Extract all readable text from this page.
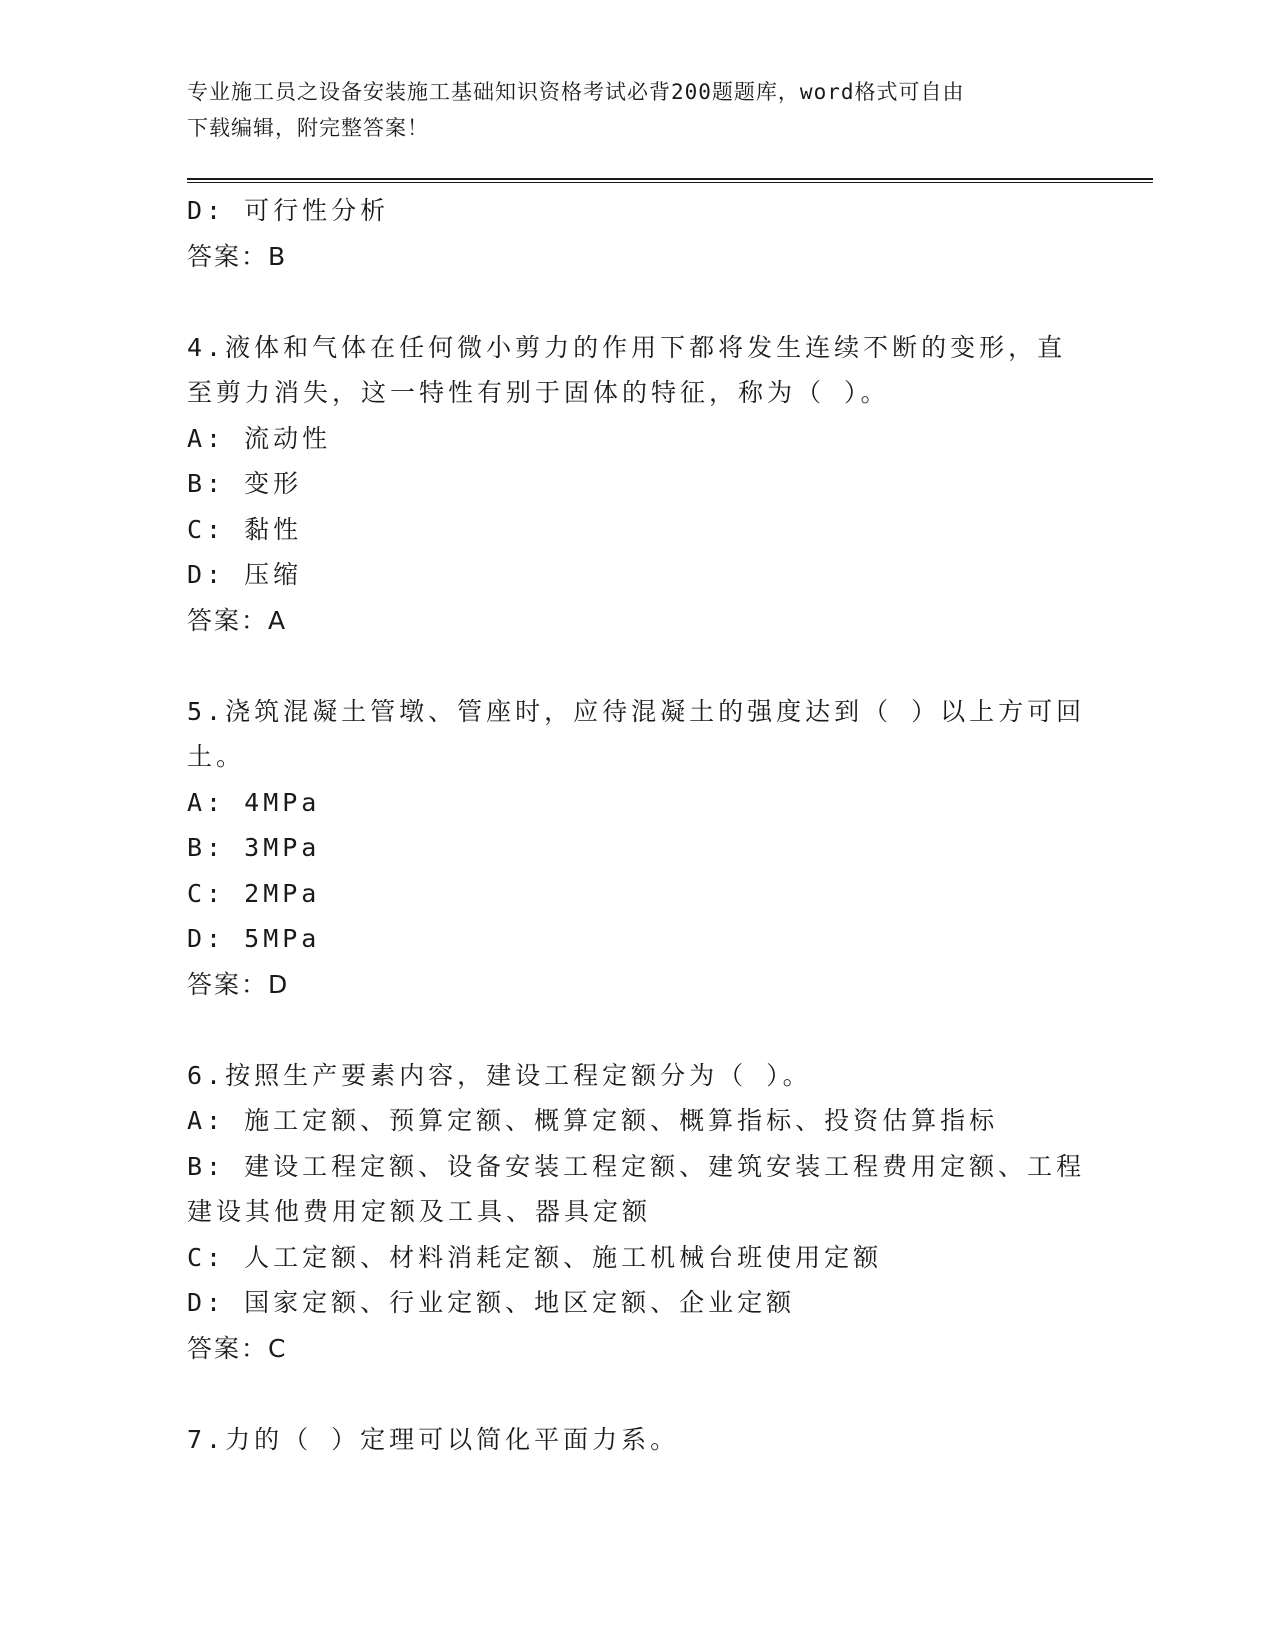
专业施工员之设备安装施工基础知识资格考试必背200题题库，word格式可自由
下载编辑，附完整答案！
D: 可行性分析
答案：B
4.液体和气体在任何微小剪力的作用下都将发生连续不断的变形，直
至剪力消失，这一特性有别于固体的特征，称为（ ）。
A: 流动性
B: 变形
C: 黏性
D: 压缩
答案：A
5.浇筑混凝土管墩、管座时，应待混凝土的强度达到（ ）以上方可回
土。
A: 4MPa
B: 3MPa
C: 2MPa
D: 5MPa
答案：D
6.按照生产要素内容，建设工程定额分为（ ）。
A: 施工定额、预算定额、概算定额、概算指标、投资估算指标
B: 建设工程定额、设备安装工程定额、建筑安装工程费用定额、工程
建设其他费用定额及工具、器具定额
C: 人工定额、材料消耗定额、施工机械台班使用定额
D: 国家定额、行业定额、地区定额、企业定额
答案：C
7.力的（ ）定理可以简化平面力系。
